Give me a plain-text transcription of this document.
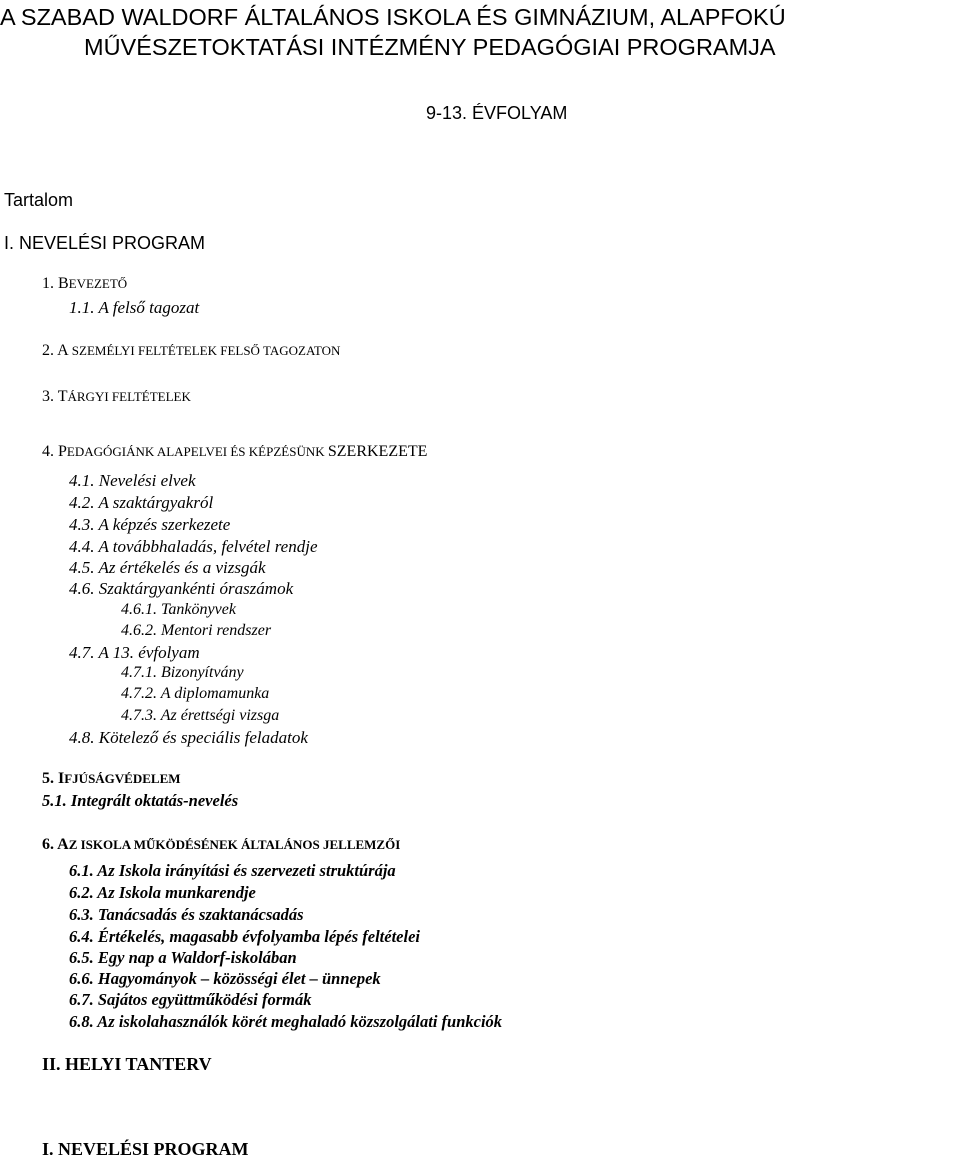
A SZABAD WALDORF ÁLTALÁNOS ISKOLA ÉS GIMNÁZIUM, ALAPFOKÚ
MŰVÉSZETOKTATÁSI INTÉZMÉNY PEDAGÓGIAI PROGRAMJA
9-13. ÉVFOLYAM
Tartalom
I. NEVELÉSI PROGRAM
1. BEVEZETŐ
1.1. A felső tagozat
2. A SZEMÉLYI FELTÉTELEK FELSŐ TAGOZATON
3. TÁRGYI FELTÉTELEK
4. PEDAGÓGIÁNK ALAPELVEI ÉS KÉPZÉSÜNK SZERKEZETE
4.1. Nevelési elvek
4.2. A szaktárgyakról
4.3. A képzés szerkezete
4.4. A továbbhaladás, felvétel rendje
4.5. Az értékelés és a vizsgák
4.6. Szaktárgyankénti óraszámok
4.6.1. Tankönyvek
4.6.2. Mentori rendszer
4.7. A 13. évfolyam
4.7.1. Bizonyítvány
4.7.2. A diplomamunka
4.7.3. Az érettségi vizsga
4.8. Kötelező és speciális feladatok
5. IFJÚSÁGVÉDELEM
5.1. Integrált oktatás-nevelés
6. AZ ISKOLA MŰKÖDÉSÉNEK ÁLTALÁNOS JELLEMZŐI
6.1. Az Iskola irányítási és szervezeti struktúrája
6.2. Az Iskola munkarendje
6.3. Tanácsadás és szaktanácsadás
6.4. Értékelés, magasabb évfolyamba lépés feltételei
6.5. Egy nap a Waldorf-iskolában
6.6. Hagyományok – közösségi élet – ünnepek
6.7. Sajátos együttműködési formák
6.8. Az iskolahasználók körét meghaladó közszolgálati funkciók
II. HELYI TANTERV
I. NEVELÉSI PROGRAM
